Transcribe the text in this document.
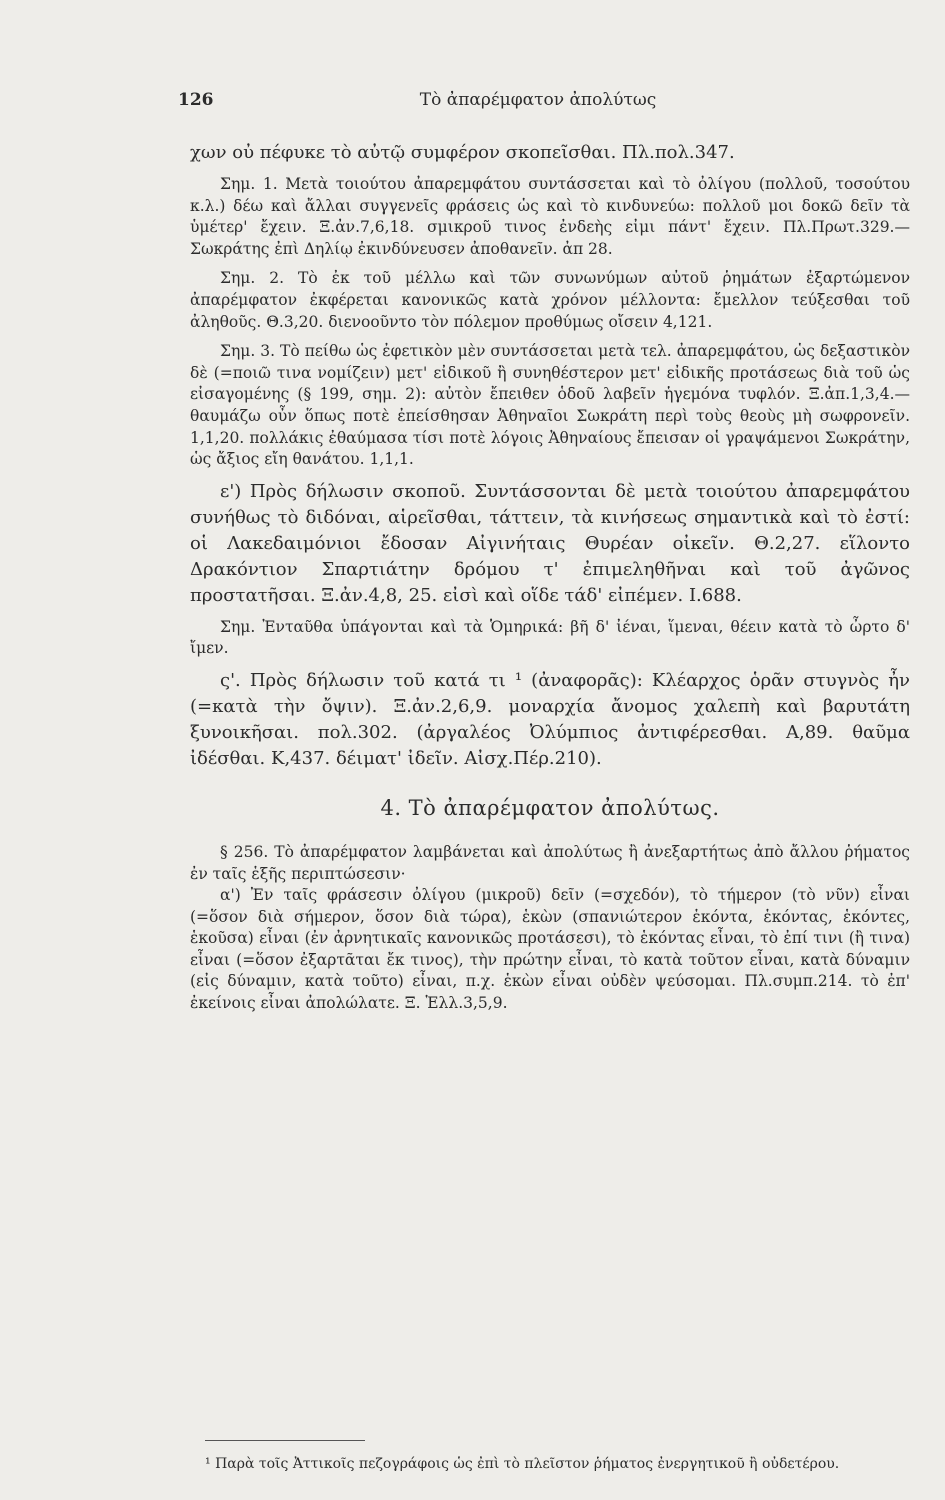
126	Τὸ ἀπαρέμφατον ἀπολύτως

χων οὐ πέφυκε τὸ αὐτῷ συμφέρον σκοπεῖσθαι. Πλ.πολ.347.

Σημ. 1. Μετὰ τοιούτου ἀπαρεμφάτου συντάσσεται καὶ τὸ ὀλίγου (πολλοῦ, τοσούτου κ.λ.) δέω καὶ ἄλλαι συγγενεῖς φράσεις ὡς καὶ τὸ κινδυνεύω: πολλοῦ μοι δοκῶ δεῖν τὰ ὑμέτερ' ἔχειν. Ξ.ἀν.7,6,18. σμικροῦ τινος ἐνδεὴς εἰμι πάντ' ἔχειν. Πλ.Πρωτ.329.—Σωκράτης ἐπὶ Δηλίῳ ἐκινδύνευσεν ἀποθανεῖν. ἀπ 28.

Σημ. 2. Τὸ ἐκ τοῦ μέλλω καὶ τῶν συνωνύμων αὐτοῦ ῥημάτων ἐξαρτώμενον ἀπαρέμφατον ἐκφέρεται κανονικῶς κατὰ χρόνον μέλλοντα: ἔμελλον τεύξεσθαι τοῦ ἀληθοῦς. Θ.3,20. διενοοῦντο τὸν πόλεμον προθύμως οἴσειν 4,121.

Σημ. 3. Τὸ πείθω ὡς ἐφετικὸν μὲν συντάσσεται μετὰ τελ. ἀπαρεμφάτου, ὡς δεξαστικὸν δὲ (=ποιῶ τινα νομίζειν) μετ' εἰδικοῦ ἢ συνηθέστερον μετ' εἰδικῆς προτάσεως διὰ τοῦ ὡς εἰσαγομένης (§ 199, σημ. 2): αὐτὸν ἔπειθεν ὁδοῦ λαβεῖν ἡγεμόνα τυφλόν. Ξ.ἀπ.1,3,4.—θαυμάζω οὖν ὅπως ποτὲ ἐπείσθησαν Ἀθηναῖοι Σωκράτη περὶ τοὺς θεοὺς μὴ σωφρονεῖν. 1,1,20. πολλάκις ἐθαύμασα τίσι ποτὲ λόγοις Ἀθηναίους ἔπεισαν οἱ γραψάμενοι Σωκράτην, ὡς ἄξιος εἴη θανάτου. 1,1,1.

ε') Πρὸς δήλωσιν σκοποῦ. Συντάσσονται δὲ μετὰ τοιούτου ἀπαρεμφάτου συνήθως τὸ διδόναι, αἱρεῖσθαι, τάττειν, τὰ κινήσεως σημαντικὰ καὶ τὸ ἐστί: οἱ Λακεδαιμόνιοι ἔδοσαν Αἰγινήταις Θυρέαν οἰκεῖν. Θ.2,27. εἵλοντο Δρακόντιον Σπαρτιάτην δρόμου τ' ἐπιμεληθῆναι καὶ τοῦ ἀγῶνος προστατῆσαι. Ξ.ἀν.4,8, 25. εἰσὶ καὶ οἵδε τάδ' εἰπέμεν. Ι.688.

Σημ. Ἐνταῦθα ὑπάγονται καὶ τὰ Ὁμηρικά: βῆ δ' ἰέναι, ἵμεναι, θέειν κατὰ τὸ ὦρτο δ' ἴμεν.

ς'. Πρὸς δήλωσιν τοῦ κατά τι ¹ (ἀναφορᾶς): Κλέαρχος ὁρᾶν στυγνὸς ἦν (=κατὰ τὴν ὄψιν). Ξ.ἀν.2,6,9. μοναρχία ἄνομος χαλεπὴ καὶ βαρυτάτη ξυνοικῆσαι. πολ.302. (ἀργαλέος Ὀλύμπιος ἀντιφέρεσθαι. Α,89. θαῦμα ἰδέσθαι. Κ,437. δέιματ' ἰδεῖν. Αἰσχ.Πέρ.210).

4. Τὸ ἀπαρέμφατον ἀπολύτως.

§ 256. Τὸ ἀπαρέμφατον λαμβάνεται καὶ ἀπολύτως ἢ ἀνεξαρτήτως ἀπὸ ἄλλου ῥήματος ἐν ταῖς ἑξῆς περιπτώσεσιν·

α') Ἐν ταῖς φράσεσιν ὀλίγου (μικροῦ) δεῖν (=σχεδόν), τὸ τήμερον (τὸ νῦν) εἶναι (=ὅσον διὰ σήμερον, ὅσον διὰ τώρα), ἑκὼν (σπανιώτερον ἑκόντα, ἑκόντας, ἑκόντες, ἑκοῦσα) εἶναι (ἐν ἀρνητικαῖς κανονικῶς προτάσεσι), τὸ ἑκόντας εἶναι, τὸ ἐπί τινι (ἢ τινα) εἶναι (=ὅσον ἐξαρτᾶται ἔκ τινος), τὴν πρώτην εἶναι, τὸ κατὰ τοῦτον εἶναι, κατὰ δύναμιν (εἰς δύναμιν, κατὰ τοῦτο) εἶναι, π.χ. ἑκὼν εἶναι οὐδὲν ψεύσομαι. Πλ.συμπ.214. τὸ ἐπ' ἐκείνοις εἶναι ἀπολώλατε. Ξ. Ἑλλ.3,5,9.

¹ Παρὰ τοῖς Ἀττικοῖς πεζογράφοις ὡς ἐπὶ τὸ πλεῖστον ῥήματος ἐνεργητικοῦ ἢ οὐδετέρου.
